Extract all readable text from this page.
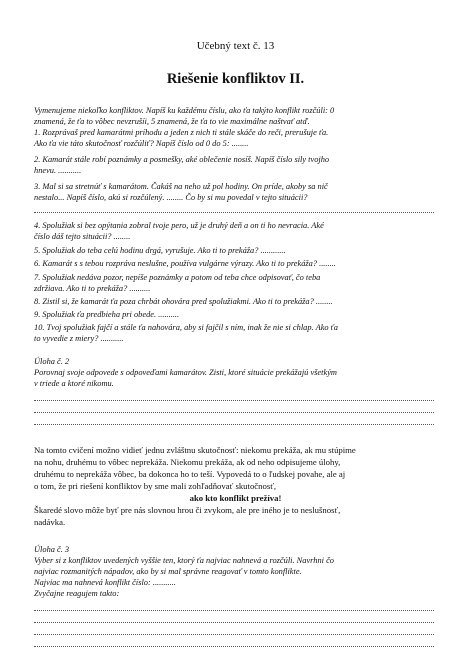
Učebný text č. 13
Riešenie konfliktov II.
Vymenujeme niekoľko konfliktov. Napíš ku každému číslu, ako ťa takýto konflikt rozčúli: 0
znamená, že ťa to vôbec nevzrušíi, 5 znamená, že ťa to vie maximálne naštvať atď.
1. Rozprávaš pred kamarátmi príhodu a jeden z nich ti stále skáče do reči, prerušuje ťa.
Ako ťa vie táto skutočnosť rozčúliť? Napíš číslo od 0 do 5: ........
2. Kamarát stále robí poznámky a posmešky, aké oblečenie nosíš. Napíš číslo sily tvojho
hnevu. ...........
3. Mal si sa stretnúť s kamarátom. Čakáš na neho už pol hodiny. On príde, akoby sa nič
nestalo... Napíš číslo, akú si rozčúlený. ........ Čo by si mu povedal v tejto situácii?
4. Spolužiak si bez opýtania zobral tvoje pero, už je druhý deň a on ti ho nevracia. Aké
číslo dáš tejto situácii? ........
5. Spolužiak do teba celú hodinu drgá, vyrušuje. Ako ti to prekáža? ............
6. Kamarát s s tebou rozpráva neslušne, používa vulgárne výrazy. Ako ti to prekáža? ........
7. Spolužiak nedáva pozor, nepíše poznámky a potom od teba chce odpisovať, čo teba
zdržiava. Ako ti to prekáža? ..........
8. Zistil si, že kamarát ťa poza chrbát ohovára pred spolužiakmi. Ako ti to prekáža? ........
9. Spolužiak ťa predbieha pri obede. ..........
10. Tvoj spolužiak fajčí a stále ťa nahovára, aby si fajčil s ním, inak že nie si chlap. Ako ťa
to vyvedie z miery? ...........
Úloha č. 2
Porovnaj svoje odpovede s odpoveďami kamarátov. Zisti, ktoré situácie prekážajú všetkým
v triede a ktoré nikomu.
Na tomto cvičení možno vidieť jednu zvláštnu skutočnosť: niekomu prekáža, ak mu stúpime
na nohu, druhému to vôbec neprekáža. Niekomu prekáža, ak od neho odpisujeme úlohy,
druhému to neprekáža vôbec, ba dokonca ho to teší. Vypovedá to o ľudskej povahe, ale aj
o tom, že pri riešení konfliktov by sme mali zohľadňovať skutočnosť,
ako kto konflikt prežíva!
Škaredé slovo môže byť pre nás slovnou hrou či zvykom, ale pre iného je to neslušnosť,
nadávka.
Úloha č. 3
Vyber si z konfliktov uvedených vyššie ten, ktorý ťa najviac nahnevá a rozčúli. Navrhni čo
najviac rozmanitých nápadov, ako by si mal správne reagovať v tomto konflikte.
Najviac ma nahnevá konflikt číslo: ...........
Zvyčajne reagujem takto:
